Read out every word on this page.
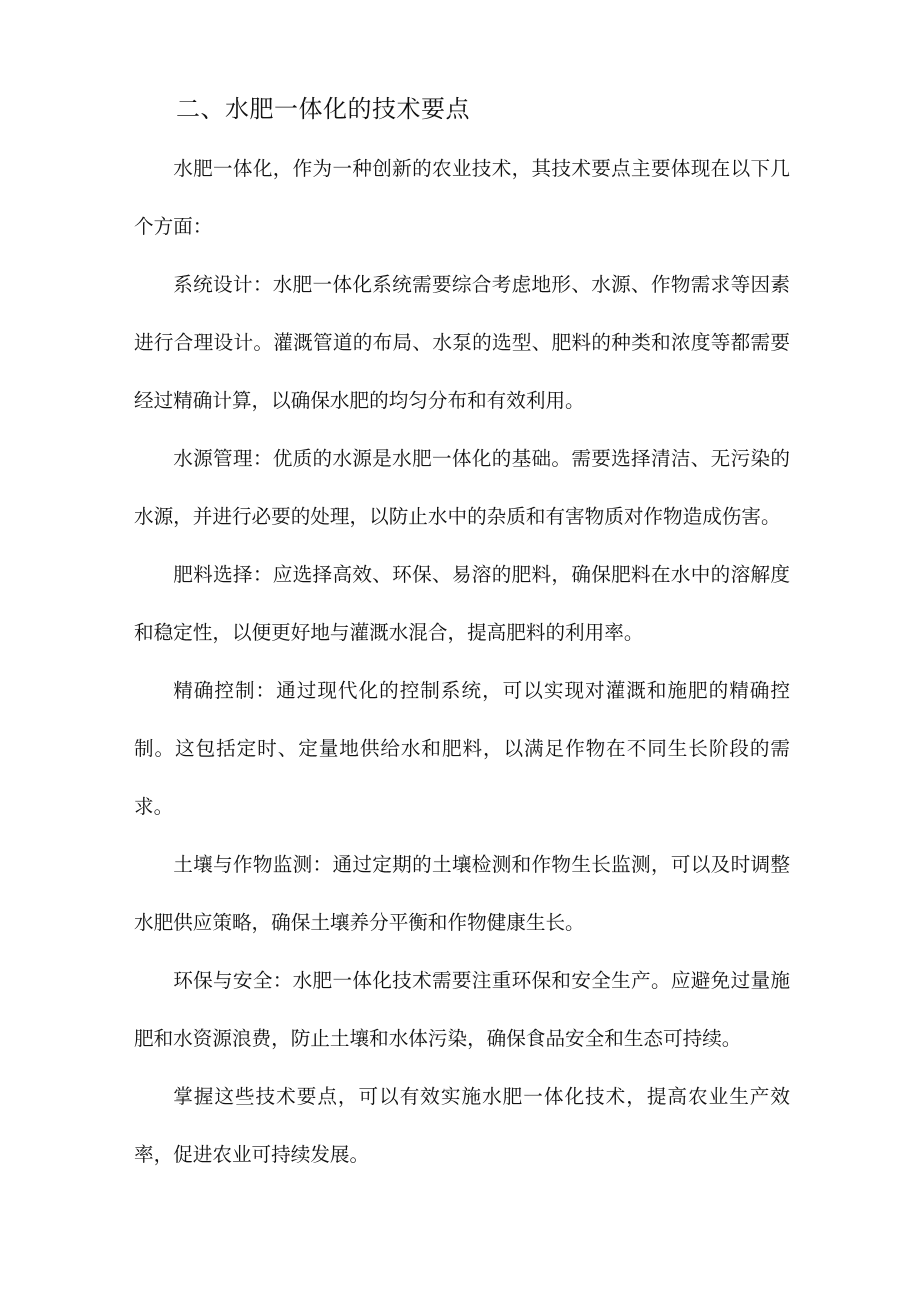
二、水肥一体化的技术要点

水肥一体化，作为一种创新的农业技术，其技术要点主要体现在以下几个方面：

系统设计：水肥一体化系统需要综合考虑地形、水源、作物需求等因素进行合理设计。灌溉管道的布局、水泵的选型、肥料的种类和浓度等都需要经过精确计算，以确保水肥的均匀分布和有效利用。

水源管理：优质的水源是水肥一体化的基础。需要选择清洁、无污染的水源，并进行必要的处理，以防止水中的杂质和有害物质对作物造成伤害。

肥料选择：应选择高效、环保、易溶的肥料，确保肥料在水中的溶解度和稳定性，以便更好地与灌溉水混合，提高肥料的利用率。

精确控制：通过现代化的控制系统，可以实现对灌溉和施肥的精确控制。这包括定时、定量地供给水和肥料，以满足作物在不同生长阶段的需求。

土壤与作物监测：通过定期的土壤检测和作物生长监测，可以及时调整水肥供应策略，确保土壤养分平衡和作物健康生长。

环保与安全：水肥一体化技术需要注重环保和安全生产。应避免过量施肥和水资源浪费，防止土壤和水体污染，确保食品安全和生态可持续。

掌握这些技术要点，可以有效实施水肥一体化技术，提高农业生产效率，促进农业可持续发展。
